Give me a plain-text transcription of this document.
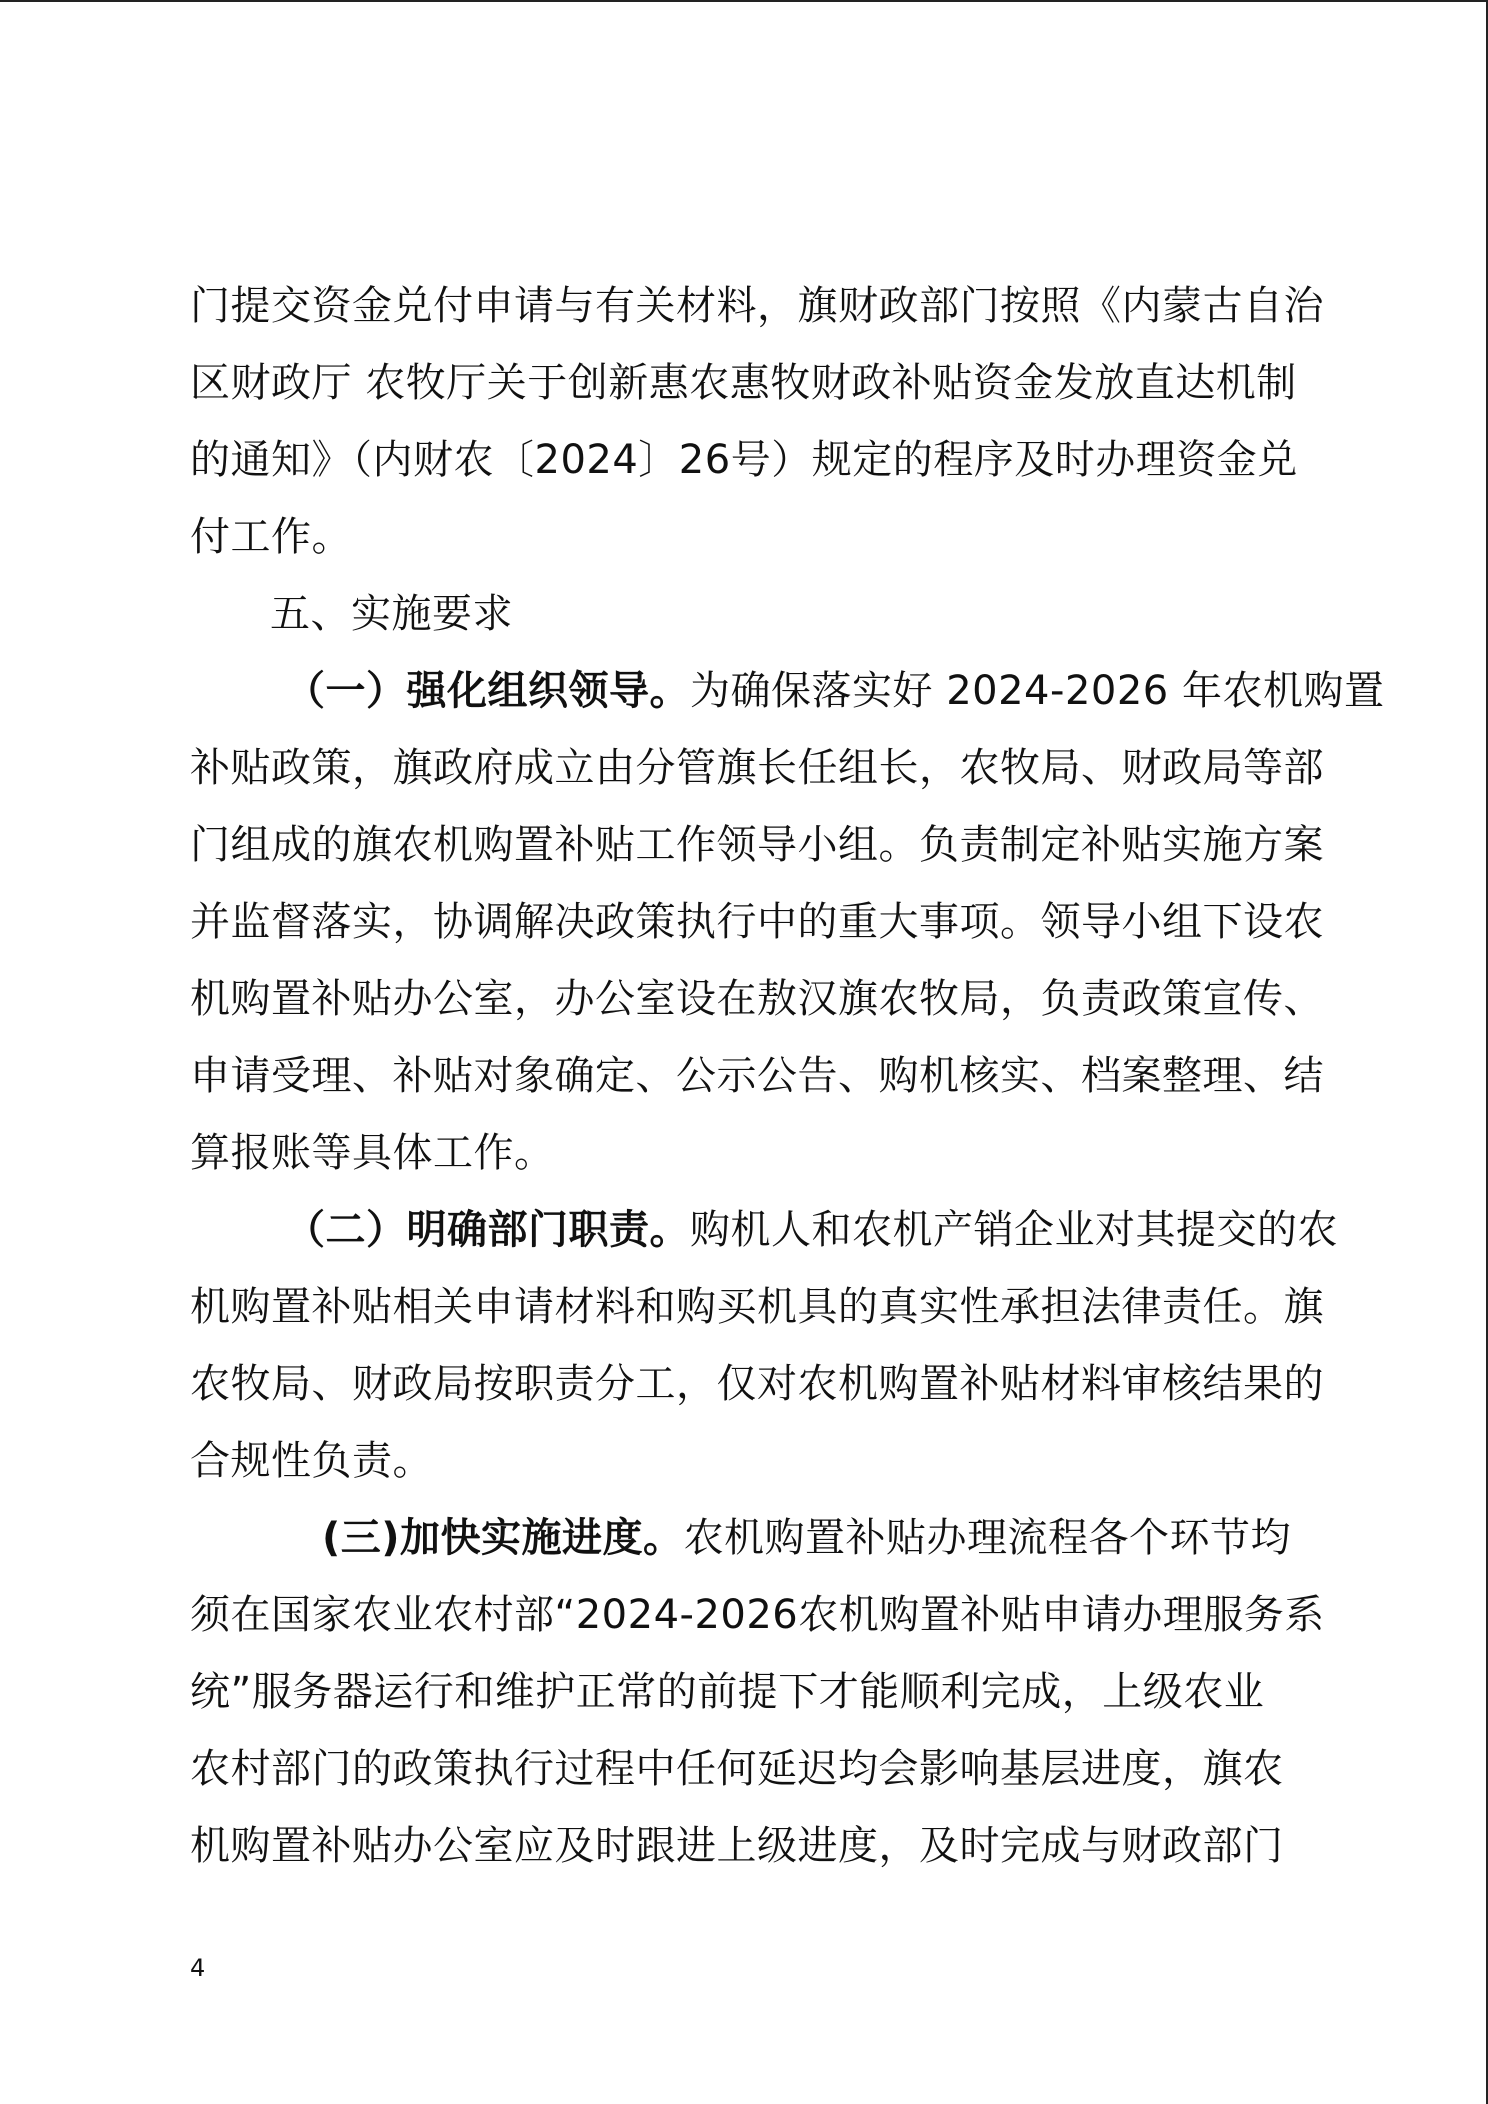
门提交资金兑付申请与有关材料，旗财政部门按照《内蒙古自治
区财政厅 农牧厅关于创新惠农惠牧财政补贴资金发放直达机制
的通知》（内财农〔2024〕26号）规定的程序及时办理资金兑
付工作。
五、实施要求
（一）强化组织领导。为确保落实好 2024-2026 年农机购置
补贴政策，旗政府成立由分管旗长任组长，农牧局、财政局等部
门组成的旗农机购置补贴工作领导小组。负责制定补贴实施方案
并监督落实，协调解决政策执行中的重大事项。领导小组下设农
机购置补贴办公室，办公室设在敖汉旗农牧局，负责政策宣传、
申请受理、补贴对象确定、公示公告、购机核实、档案整理、结
算报账等具体工作。
（二）明确部门职责。购机人和农机产销企业对其提交的农
机购置补贴相关申请材料和购买机具的真实性承担法律责任。旗
农牧局、财政局按职责分工，仅对农机购置补贴材料审核结果的
合规性负责。
(三)加快实施进度。农机购置补贴办理流程各个环节均
须在国家农业农村部“2024-2026农机购置补贴申请办理服务系
统”服务器运行和维护正常的前提下才能顺利完成，上级农业
农村部门的政策执行过程中任何延迟均会影响基层进度，旗农
机购置补贴办公室应及时跟进上级进度，及时完成与财政部门
4
